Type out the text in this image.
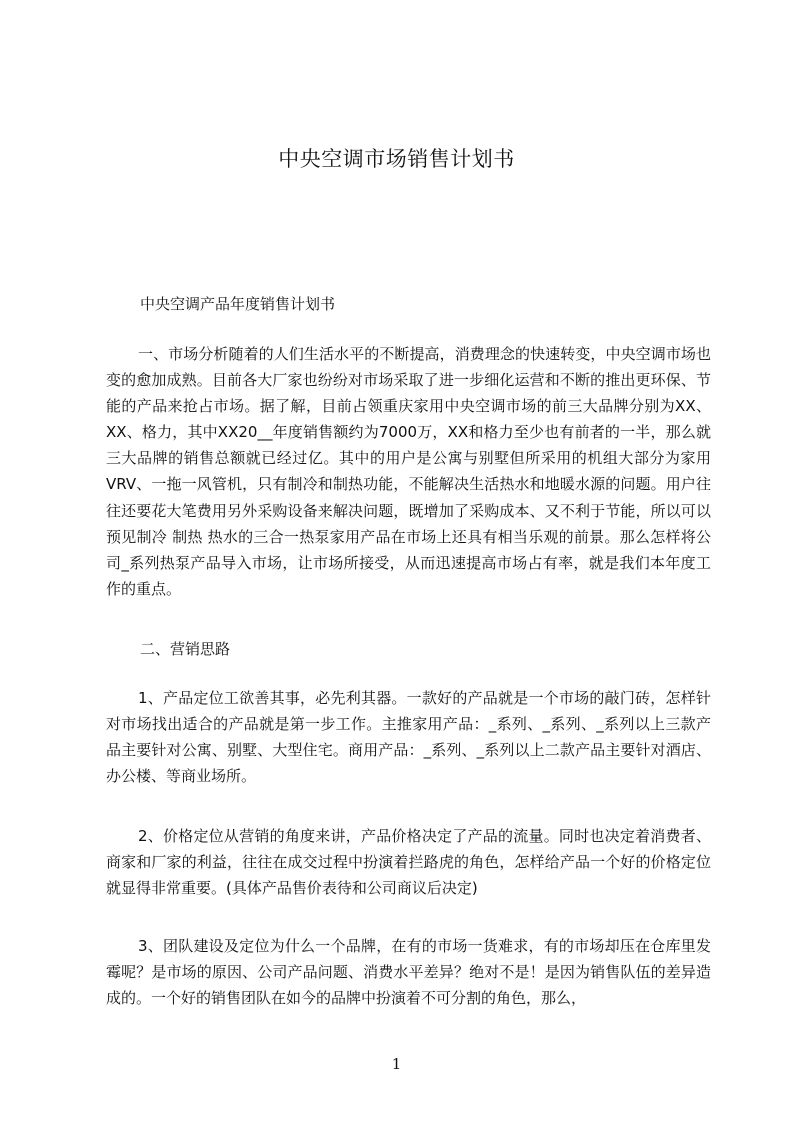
中央空调市场销售计划书
中央空调产品年度销售计划书

一、市场分析随着的人们生活水平的不断提高，消费理念的快速转变，中央空调市场也变的愈加成熟。目前各大厂家也纷纷对市场采取了进一步细化运营和不断的推出更环保、节能的产品来抢占市场。据了解，目前占领重庆家用中央空调市场的前三大品牌分别为XX、XX、格力，其中XX20__年度销售额约为7000万，XX和格力至少也有前者的一半，那么就三大品牌的销售总额就已经过亿。其中的用户是公寓与别墅但所采用的机组大部分为家用VRV、一拖一风管机，只有制冷和制热功能，不能解决生活热水和地暖水源的问题。用户往往还要花大笔费用另外采购设备来解决问题，既增加了采购成本、又不利于节能，所以可以预见制冷 制热 热水的三合一热泵家用产品在市场上还具有相当乐观的前景。那么怎样将公司_系列热泵产品导入市场，让市场所接受，从而迅速提高市场占有率，就是我们本年度工作的重点。

二、营销思路

1、产品定位工欲善其事，必先利其器。一款好的产品就是一个市场的敲门砖，怎样针对市场找出适合的产品就是第一步工作。主推家用产品：_系列、_系列、_系列以上三款产品主要针对公寓、别墅、大型住宅。商用产品：_系列、_系列以上二款产品主要针对酒店、办公楼、等商业场所。

2、价格定位从营销的角度来讲，产品价格决定了产品的流量。同时也决定着消费者、商家和厂家的利益，往往在成交过程中扮演着拦路虎的角色，怎样给产品一个好的价格定位就显得非常重要。(具体产品售价表待和公司商议后决定)

3、团队建设及定位为什么一个品牌，在有的市场一货难求，有的市场却压在仓库里发霉呢？是市场的原因、公司产品问题、消费水平差异？绝对不是！是因为销售队伍的差异造成的。一个好的销售团队在如今的品牌中扮演着不可分割的角色，那么，

1
